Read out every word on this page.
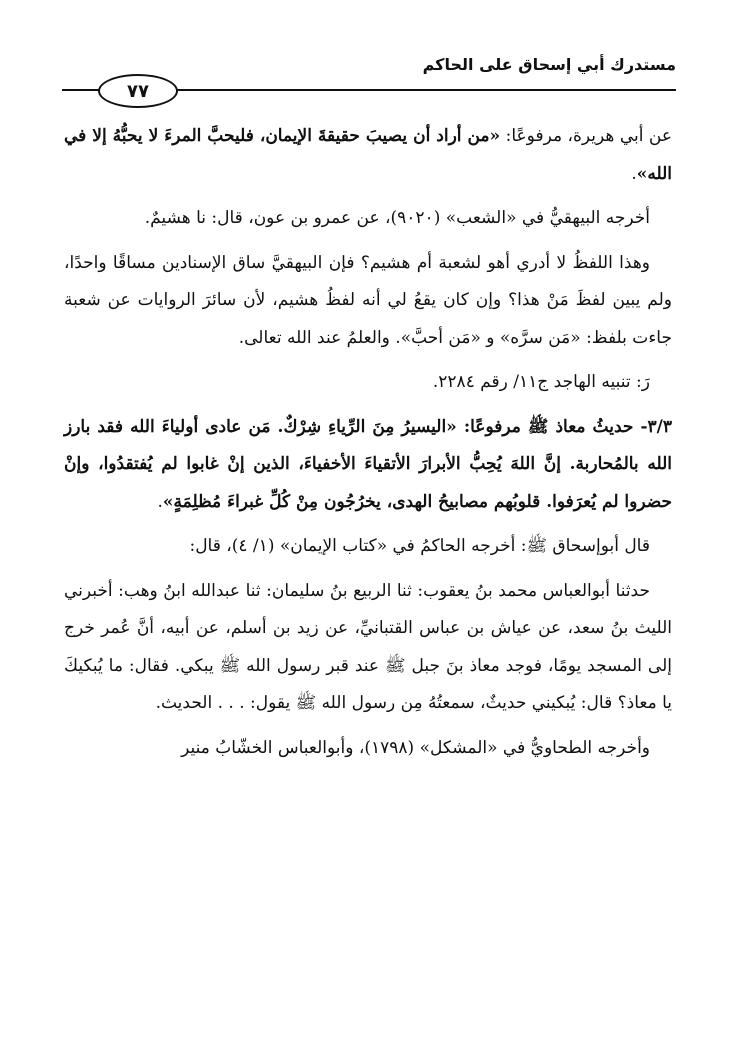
مستدرك أبي إسحاق على الحاكم
٧٧

عن أبي هريرة، مرفوعًا: «من أراد أن يصيبَ حقيقةَ الإيمان، فليحبَّ المرءَ لا يحبُّهُ إلا في الله».

أخرجه البيهقيُّ في «الشعب» (٩٠٢٠)، عن عمرو بن عون، قال: نا هشيمٌ.

وهذا اللفظُ لا أدري أهو لشعبة أم هشيم؟ فإن البيهقيَّ ساق الإسنادين مساقًا واحدًا، ولم يبين لفظَ مَنْ هذا؟ وإن كان يقعُ لي أنه لفظُ هشيم، لأن سائرَ الروايات عن شعبة جاءت بلفظ: «مَن سرَّه» و «مَن أحبَّ». والعلمُ عند الله تعالى.

رَ: تنبيه الهاجد ج١١/ رقم ٢٢٨٤.

٣/٣- حديثُ معاذ ﷺ مرفوعًا: «اليسيرُ مِنَ الرِّياءِ شِرْكٌ. مَن عادى أولياءَ الله فقد بارز الله بالمُحاربة. إنَّ اللهَ يُحِبُّ الأبرارَ الأتقياءَ الأخفياءَ، الذين إنْ غابوا لم يُفتقدُوا، وإنْ حضروا لم يُعرَفوا. قلوبُهم مصابيحُ الهدى، يخرُجُون مِنْ كُلِّ غبراءَ مُظلِمَةٍ».

قال أبوإسحاق ﷺ: أخرجه الحاكمُ في «كتاب الإيمان» (١/ ٤)، قال:

حدثنا أبوالعباس محمد بنُ يعقوب: ثنا الربيع بنُ سليمان: ثنا عبدالله ابنُ وهب: أخبرني الليث بنُ سعد، عن عياش بن عباس القتبانيِّ، عن زيد بن أسلم، عن أبيه، أنَّ عُمر خرج إلى المسجد يومًا، فوجد معاذ بنَ جبل ﷺ عند قبر رسول الله ﷺ يبكي. فقال: ما يُبكيكَ يا معاذ؟ قال: يُبكيني حديثٌ، سمعتُهُ مِن رسول الله ﷺ يقول: . . . الحديث.

وأخرجه الطحاويُّ في «المشكل» (١٧٩٨)، وأبوالعباس الخشّابُ منير
